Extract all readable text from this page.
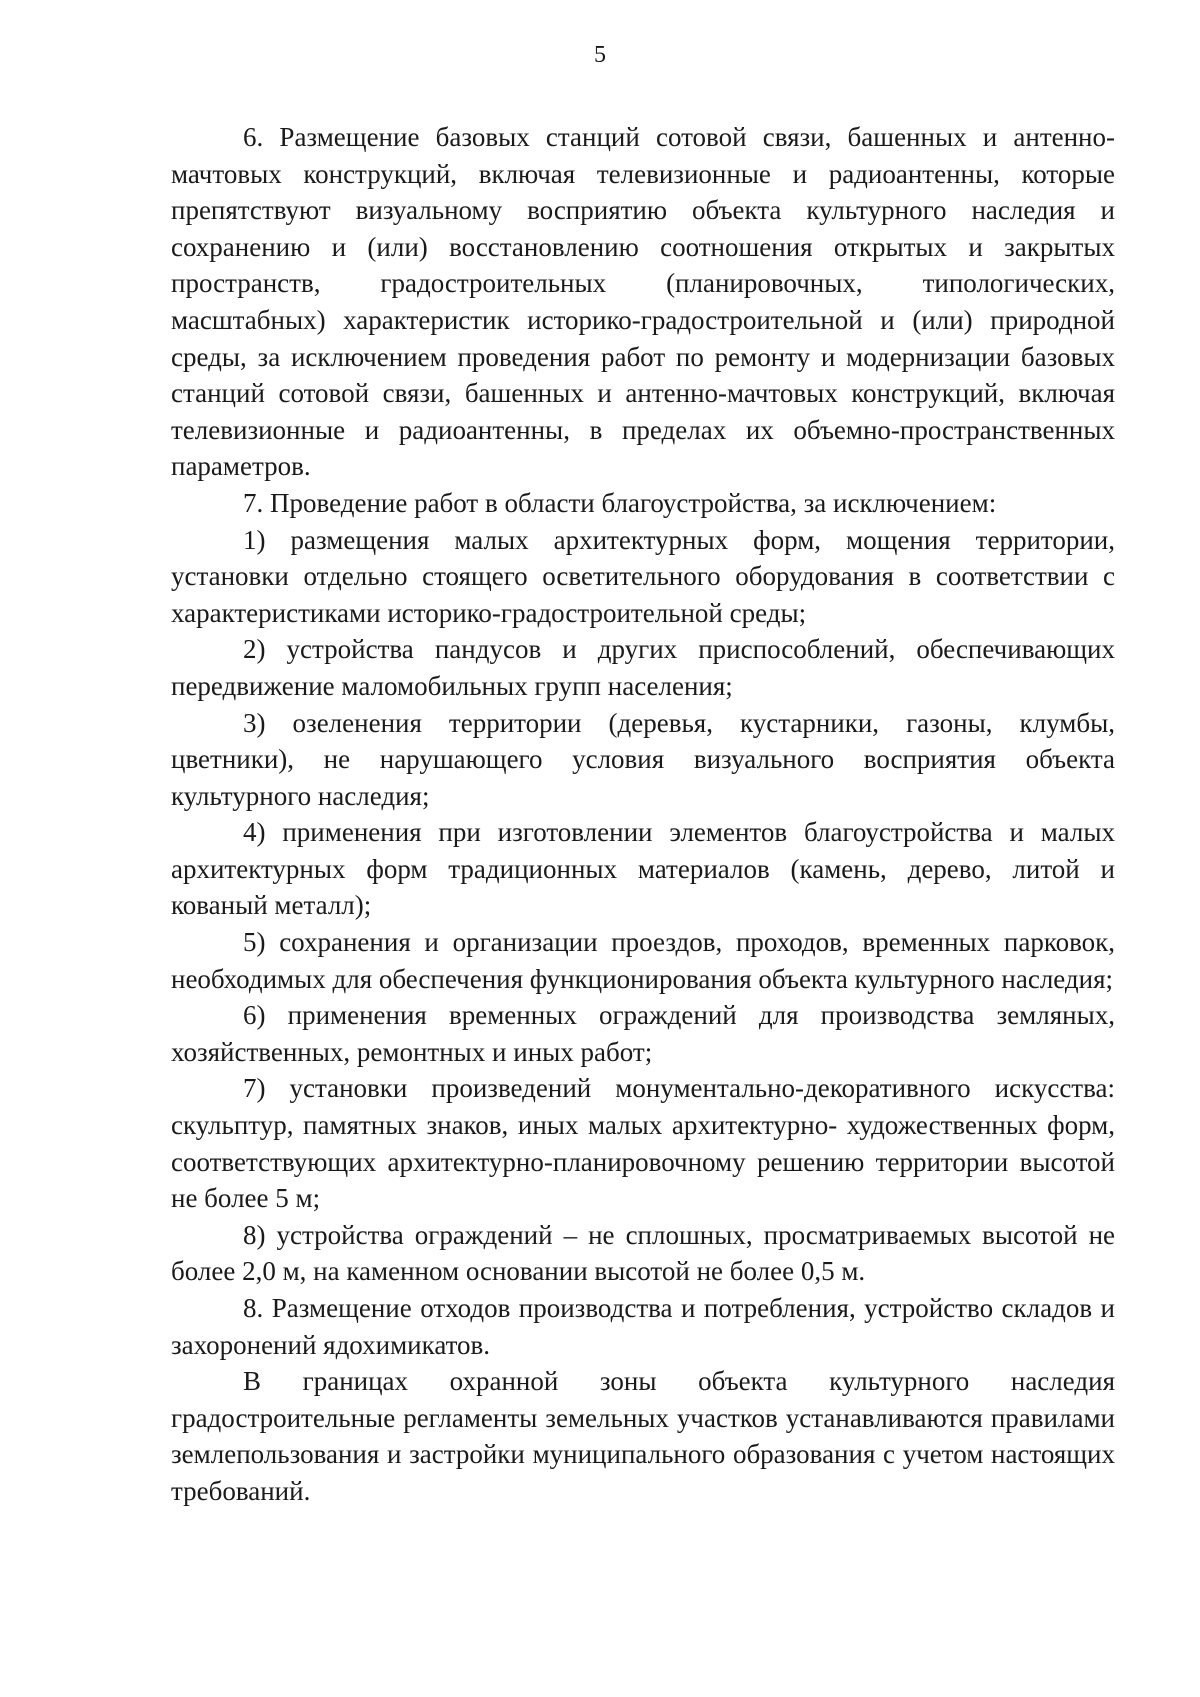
5

6. Размещение базовых станций сотовой связи, башенных и антенно-мачтовых конструкций, включая телевизионные и радиоантенны, которые препятствуют визуальному восприятию объекта культурного наследия и сохранению и (или) восстановлению соотношения открытых и закрытых пространств, градостроительных (планировочных, типологических, масштабных) характеристик историко-градостроительной и (или) природной среды, за исключением проведения работ по ремонту и модернизации базовых станций сотовой связи, башенных и антенно-мачтовых конструкций, включая телевизионные и радиоантенны, в пределах их объемно-пространственных параметров.

7. Проведение работ в области благоустройства, за исключением:

1) размещения малых архитектурных форм, мощения территории, установки отдельно стоящего осветительного оборудования в соответствии с характеристиками историко-градостроительной среды;

2) устройства пандусов и других приспособлений, обеспечивающих передвижение маломобильных групп населения;

3) озеленения территории (деревья, кустарники, газоны, клумбы, цветники), не нарушающего условия визуального восприятия объекта культурного наследия;

4) применения при изготовлении элементов благоустройства и малых архитектурных форм традиционных материалов (камень, дерево, литой и кованый металл);

5) сохранения и организации проездов, проходов, временных парковок, необходимых для обеспечения функционирования объекта культурного наследия;

6) применения временных ограждений для производства земляных, хозяйственных, ремонтных и иных работ;

7) установки произведений монументально-декоративного искусства: скульптур, памятных знаков, иных малых архитектурно- художественных форм, соответствующих архитектурно-планировочному решению территории высотой не более 5 м;

8) устройства ограждений – не сплошных, просматриваемых высотой не более 2,0 м, на каменном основании высотой не более 0,5 м.

8. Размещение отходов производства и потребления, устройство складов и захоронений ядохимикатов.

В границах охранной зоны объекта культурного наследия градостроительные регламенты земельных участков устанавливаются правилами землепользования и застройки муниципального образования с учетом настоящих требований.
